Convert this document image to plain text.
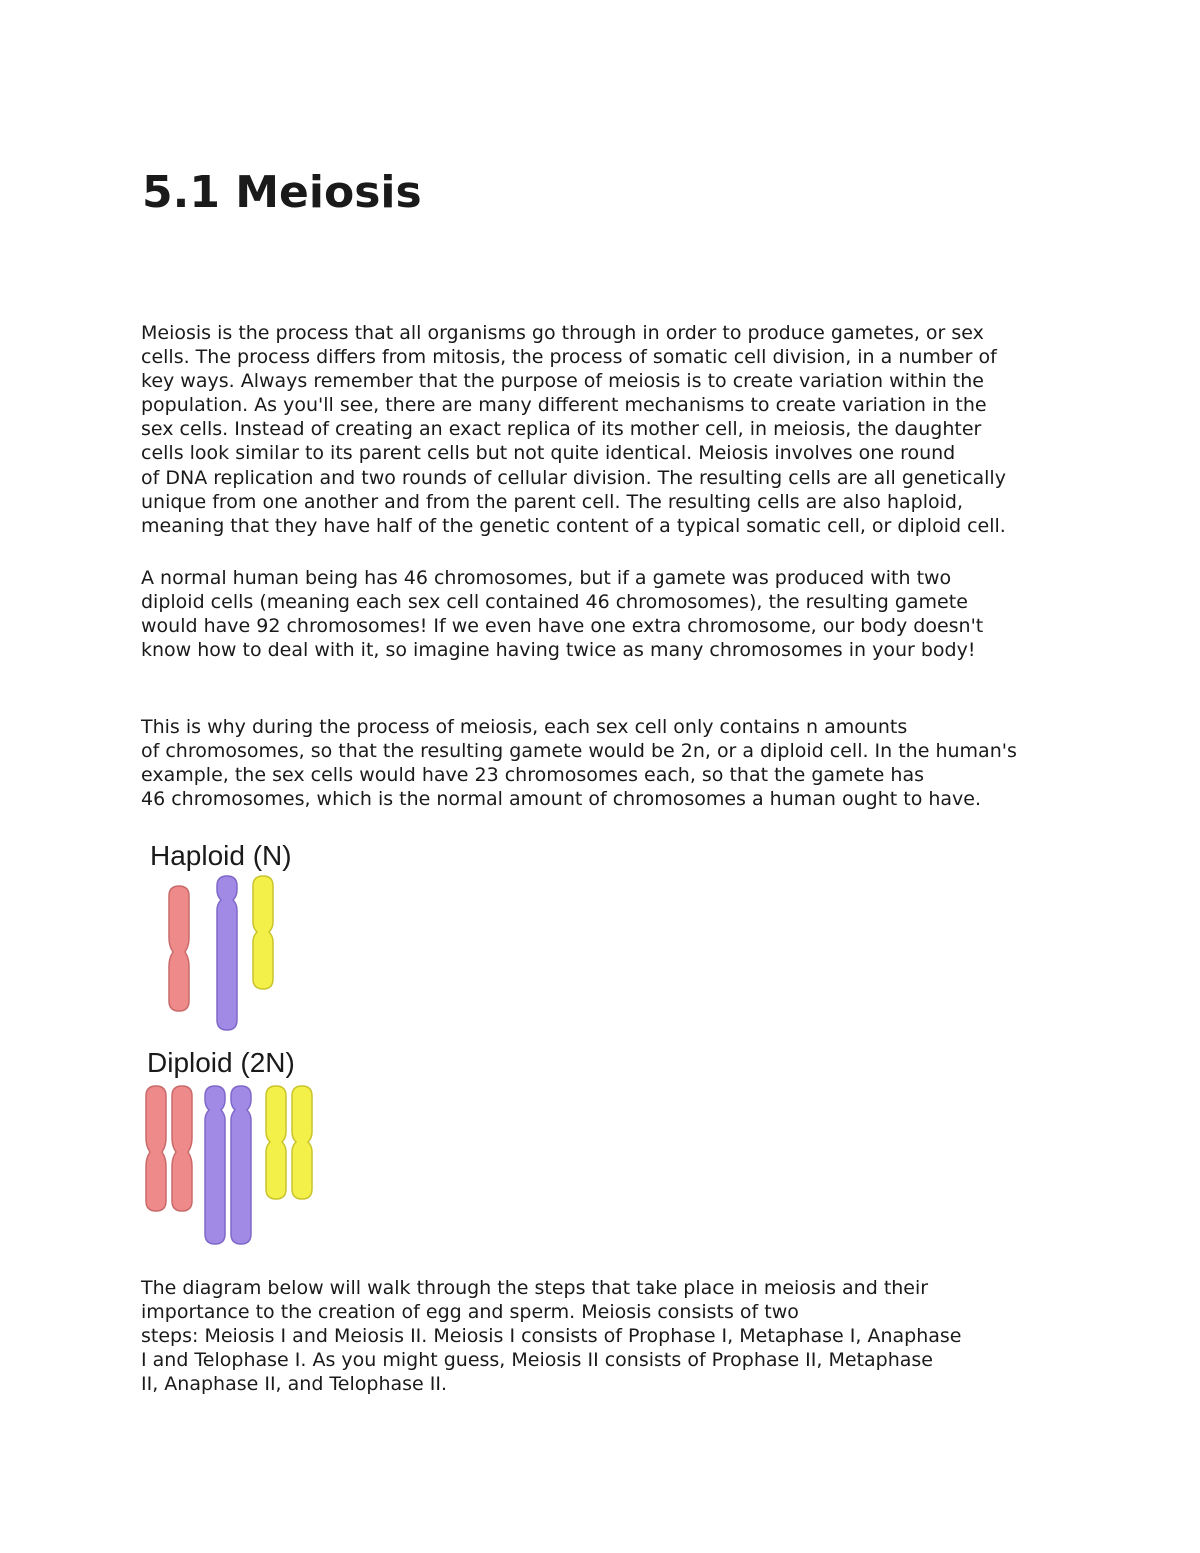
5.1 Meiosis

Meiosis is the process that all organisms go through in order to produce gametes, or sex
cells. The process differs from mitosis, the process of somatic cell division, in a number of
key ways. Always remember that the purpose of meiosis is to create variation within the
population. As you'll see, there are many different mechanisms to create variation in the
sex cells. Instead of creating an exact replica of its mother cell, in meiosis, the daughter
cells look similar to its parent cells but not quite identical. Meiosis involves one round
of DNA replication and two rounds of cellular division. The resulting cells are all genetically
unique from one another and from the parent cell. The resulting cells are also haploid,
meaning that they have half of the genetic content of a typical somatic cell, or diploid cell.

A normal human being has 46 chromosomes, but if a gamete was produced with two
diploid cells (meaning each sex cell contained 46 chromosomes), the resulting gamete
would have 92 chromosomes! If we even have one extra chromosome, our body doesn't
know how to deal with it, so imagine having twice as many chromosomes in your body!

This is why during the process of meiosis, each sex cell only contains n amounts
of chromosomes, so that the resulting gamete would be 2n, or a diploid cell. In the human's
example, the sex cells would have 23 chromosomes each, so that the gamete has
46 chromosomes, which is the normal amount of chromosomes a human ought to have.

Haploid (N)
Diploid (2N)

The diagram below will walk through the steps that take place in meiosis and their
importance to the creation of egg and sperm. Meiosis consists of two
steps: Meiosis I and Meiosis II. Meiosis I consists of Prophase I, Metaphase I, Anaphase
I and Telophase I. As you might guess, Meiosis II consists of Prophase II, Metaphase
II, Anaphase II, and Telophase II.
